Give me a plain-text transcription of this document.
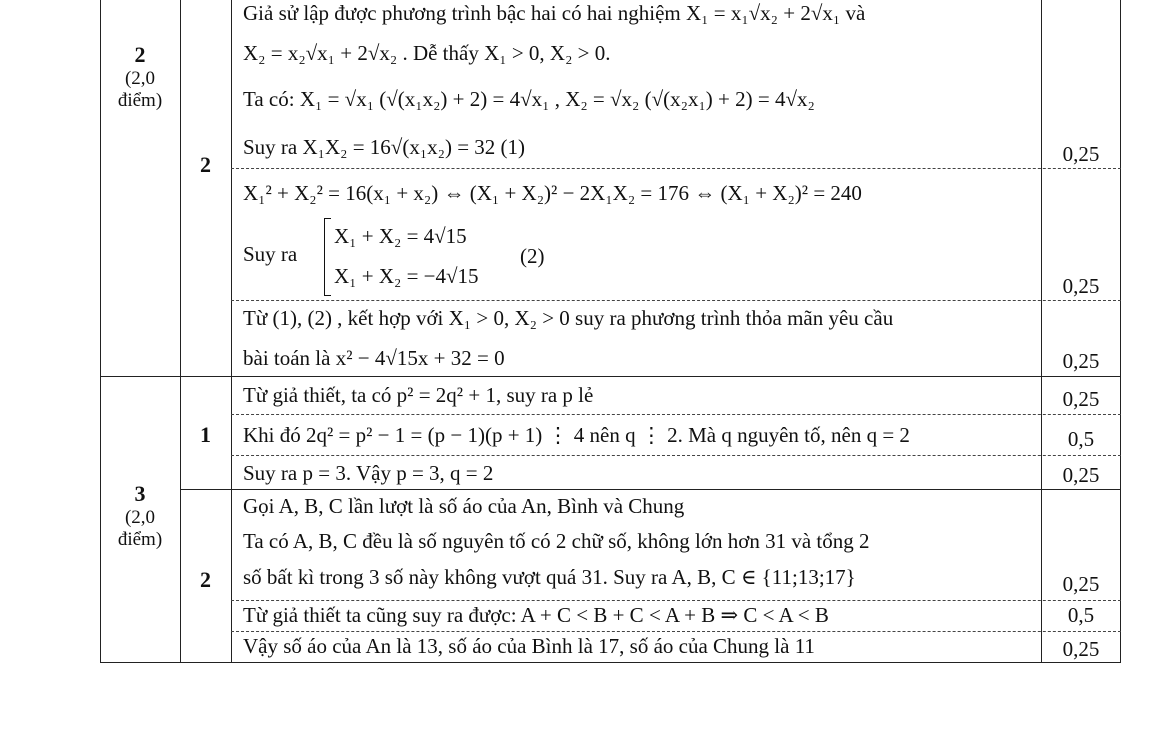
2
(2,0
điểm)
2
Giả sử lập được phương trình bậc hai có hai nghiệm X₁ = x₁√x₂ + 2√x₁ và
X₂ = x₂√x₁ + 2√x₂ . Dễ thấy X₁ > 0, X₂ > 0.
Ta có: X₁ = √x₁ (√(x₁x₂) + 2) = 4√x₁ , X₂ = √x₂ (√(x₂x₁) + 2) = 4√x₂
Suy ra X₁X₂ = 16√(x₁x₂) = 32 (1)
X₁² + X₂² = 16(x₁ + x₂) ⇔ (X₁ + X₂)² − 2X₁X₂ = 176 ⇔ (X₁ + X₂)² = 240
Suy ra
X₁ + X₂ = 4√15
X₁ + X₂ = −4√15
(2)
Từ (1), (2) , kết hợp với X₁ > 0, X₂ > 0 suy ra phương trình thỏa mãn yêu cầu
bài toán là x² − 4√15x + 32 = 0
0,25
0,25
0,25
3
(2,0
điểm)
1
2
Từ giả thiết, ta có p² = 2q² + 1, suy ra p lẻ
Khi đó 2q² = p² − 1 = (p − 1)(p + 1) ⋮ 4 nên q ⋮ 2. Mà q nguyên tố, nên q = 2
Suy ra p = 3. Vậy p = 3, q = 2
Gọi A, B, C lần lượt là số áo của An, Bình và Chung
Ta có A, B, C đều là số nguyên tố có 2 chữ số, không lớn hơn 31 và tổng 2
số bất kì trong 3 số này không vượt quá 31. Suy ra A, B, C ∈ {11;13;17}
Từ giả thiết ta cũng suy ra được: A + C < B + C < A + B ⇒ C < A < B
Vậy số áo của An là 13, số áo của Bình là 17, số áo của Chung là 11
0,25
0,5
0,25
0,25
0,5
0,25
